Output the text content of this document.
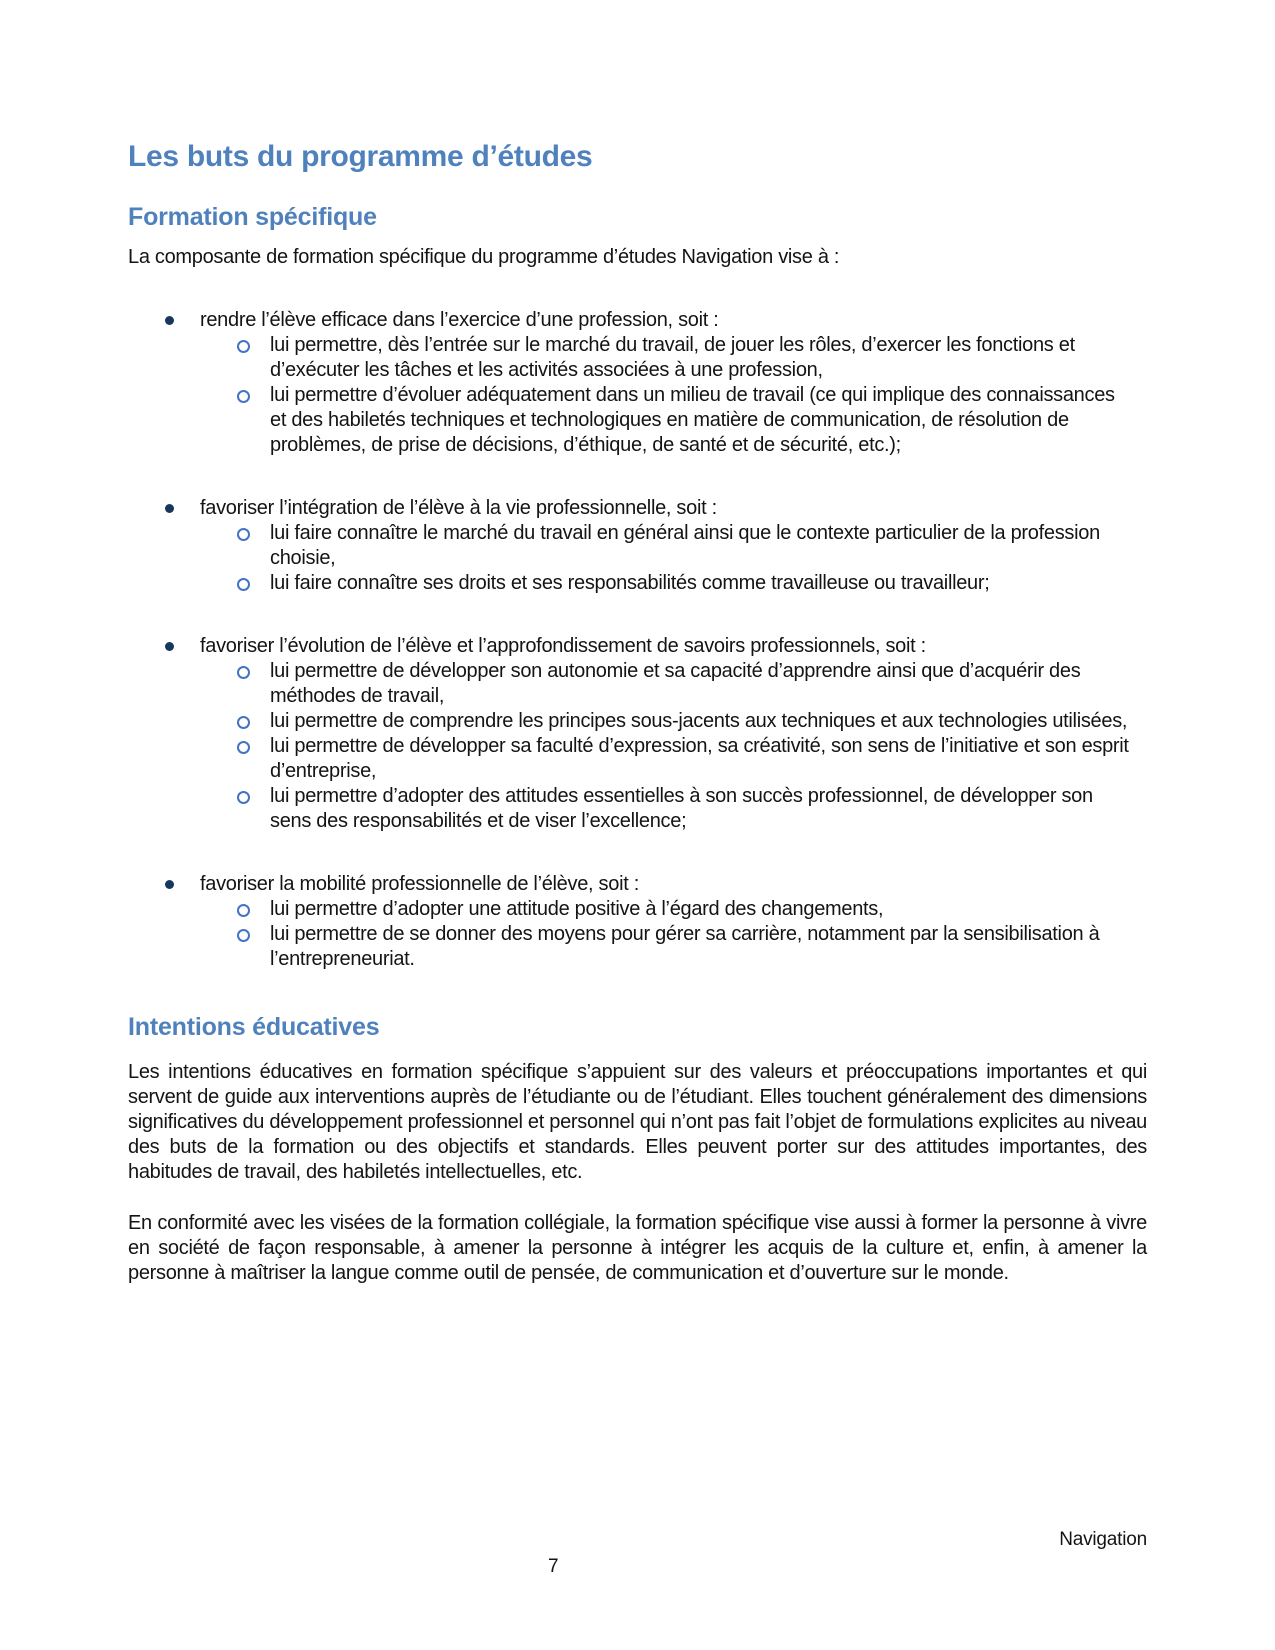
Les buts du programme d’études
Formation spécifique

La composante de formation spécifique du programme d’études Navigation vise à :

rendre l’élève efficace dans l’exercice d’une profession, soit :
lui permettre, dès l’entrée sur le marché du travail, de jouer les rôles, d’exercer les fonctions et d’exécuter les tâches et les activités associées à une profession,
lui permettre d’évoluer adéquatement dans un milieu de travail (ce qui implique des connaissances et des habiletés techniques et technologiques en matière de communication, de résolution de problèmes, de prise de décisions, d’éthique, de santé et de sécurité, etc.);
favoriser l’intégration de l’élève à la vie professionnelle, soit :
lui faire connaître le marché du travail en général ainsi que le contexte particulier de la profession choisie,
lui faire connaître ses droits et ses responsabilités comme travailleuse ou travailleur;
favoriser l’évolution de l’élève et l’approfondissement de savoirs professionnels, soit :
lui permettre de développer son autonomie et sa capacité d’apprendre ainsi que d’acquérir des méthodes de travail,
lui permettre de comprendre les principes sous-jacents aux techniques et aux technologies utilisées,
lui permettre de développer sa faculté d’expression, sa créativité, son sens de l’initiative et son esprit d’entreprise,
lui permettre d’adopter des attitudes essentielles à son succès professionnel, de développer son sens des responsabilités et de viser l’excellence;
favoriser la mobilité professionnelle de l’élève, soit :
lui permettre d’adopter une attitude positive à l’égard des changements,
lui permettre de se donner des moyens pour gérer sa carrière, notamment par la sensibilisation à l’entrepreneuriat.
Intentions éducatives

Les intentions éducatives en formation spécifique s’appuient sur des valeurs et préoccupations importantes et qui servent de guide aux interventions auprès de l’étudiante ou de l’étudiant. Elles touchent généralement des dimensions significatives du développement professionnel et personnel qui n’ont pas fait l’objet de formulations explicites au niveau des buts de la formation ou des objectifs et standards. Elles peuvent porter sur des attitudes importantes, des habitudes de travail, des habiletés intellectuelles, etc.

En conformité avec les visées de la formation collégiale, la formation spécifique vise aussi à former la personne à vivre en société de façon responsable, à amener la personne à intégrer les acquis de la culture et, enfin, à amener la personne à maîtriser la langue comme outil de pensée, de communication et d’ouverture sur le monde.

Navigation
7
